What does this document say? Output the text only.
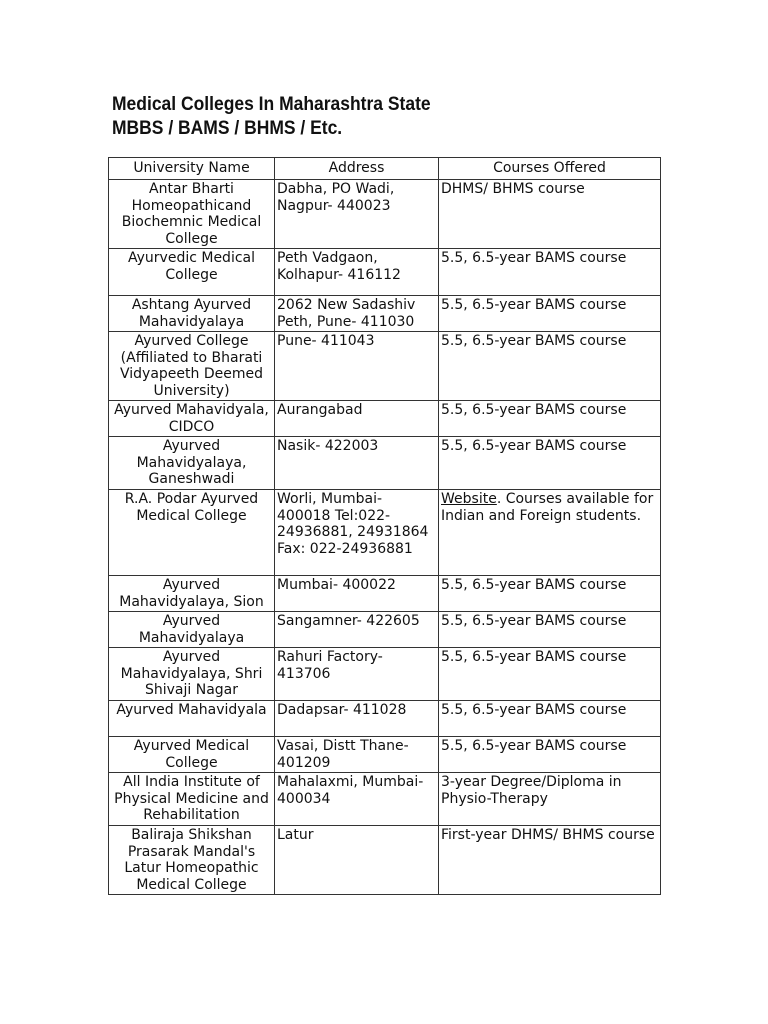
Medical Colleges In Maharashtra State
MBBS / BAMS / BHMS / Etc.
University Name	Address	Courses Offered
Antar Bharti Homeopathicand Biochemnic Medical College	Dabha, PO Wadi, Nagpur- 440023	DHMS/ BHMS course
Ayurvedic Medical College	Peth Vadgaon, Kolhapur- 416112	5.5, 6.5-year BAMS course
Ashtang Ayurved Mahavidyalaya	2062 New Sadashiv Peth, Pune- 411030	5.5, 6.5-year BAMS course
Ayurved College (Affiliated to Bharati Vidyapeeth Deemed University)	Pune- 411043	5.5, 6.5-year BAMS course
Ayurved Mahavidyala, CIDCO	Aurangabad	5.5, 6.5-year BAMS course
Ayurved Mahavidyalaya, Ganeshwadi	Nasik- 422003	5.5, 6.5-year BAMS course
R.A. Podar Ayurved Medical College	Worli, Mumbai- 400018 Tel:022-24936881, 24931864 Fax: 022-24936881	Website. Courses available for Indian and Foreign students.
Ayurved Mahavidyalaya, Sion	Mumbai- 400022	5.5, 6.5-year BAMS course
Ayurved Mahavidyalaya	Sangamner- 422605	5.5, 6.5-year BAMS course
Ayurved Mahavidyalaya, Shri Shivaji Nagar	Rahuri Factory- 413706	5.5, 6.5-year BAMS course
Ayurved Mahavidyala	Dadapsar- 411028	5.5, 6.5-year BAMS course
Ayurved Medical College	Vasai, Distt Thane- 401209	5.5, 6.5-year BAMS course
All India Institute of Physical Medicine and Rehabilitation	Mahalaxmi, Mumbai- 400034	3-year Degree/Diploma in Physio-Therapy
Baliraja Shikshan Prasarak Mandal's Latur Homeopathic Medical College	Latur	First-year DHMS/ BHMS course
